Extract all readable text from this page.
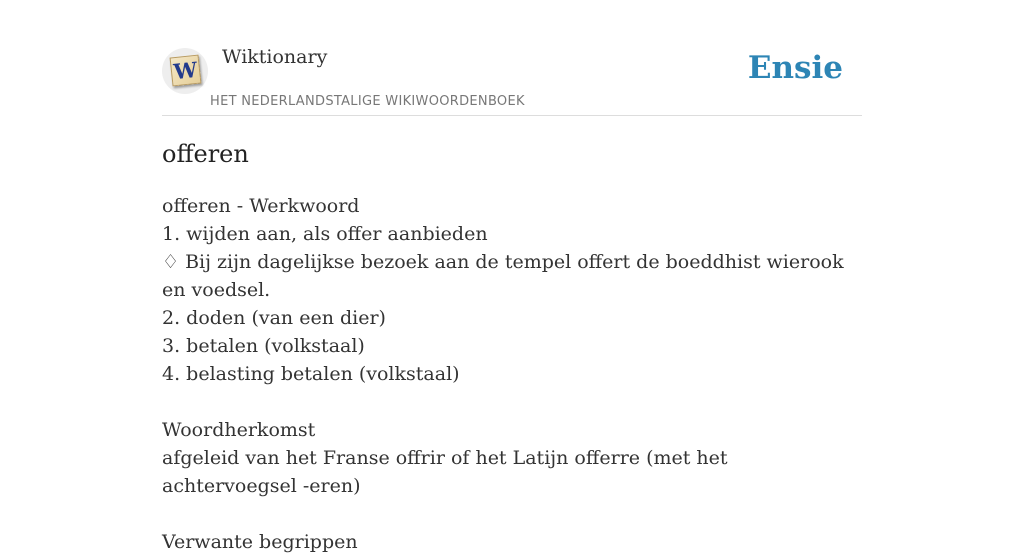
W Wiktionary
HET NEDERLANDSTALIGE WIKIWOORDENBOEK
Ensie
offeren

offeren - Werkwoord

1. wijden aan, als offer aanbieden

♢ Bij zijn dagelijkse bezoek aan de tempel offert de boeddhist wierook en voedsel.

2. doden (van een dier)

3. betalen (volkstaal)

4. belasting betalen (volkstaal)

Woordherkomst

afgeleid van het Franse offrir of het Latijn offerre (met het achtervoegsel -eren)

Verwante begrippen
